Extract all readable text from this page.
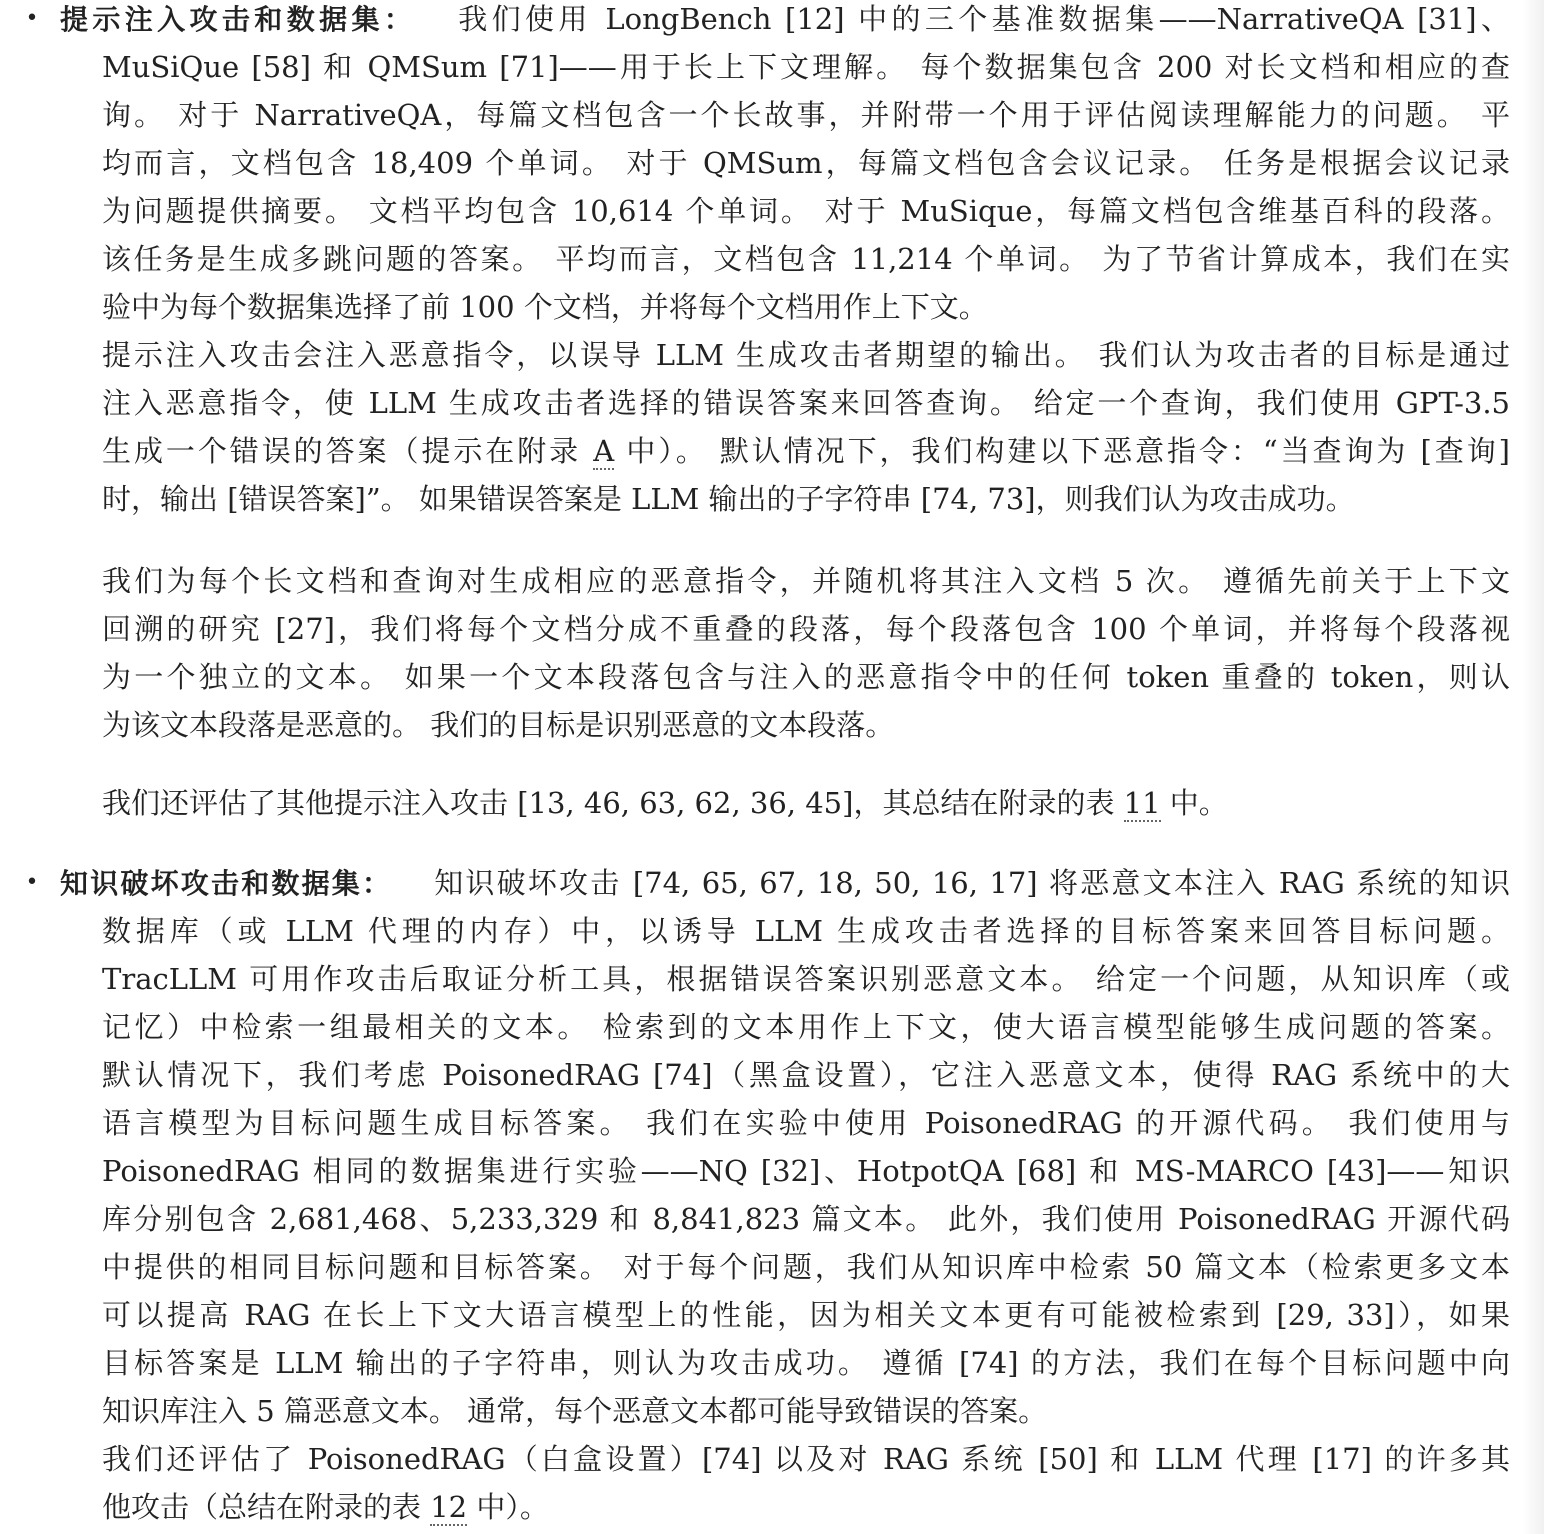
• 提示注入攻击和数据集： 我们使用 LongBench [12] 中的三个基准数据集——NarrativeQA [31]、
MuSiQue [58] 和 QMSum [71]——用于长上下文理解。 每个数据集包含 200 对长文档和相应的查
询。 对于 NarrativeQA，每篇文档包含一个长故事，并附带一个用于评估阅读理解能力的问题。 平
均而言，文档包含 18,409 个单词。 对于 QMSum，每篇文档包含会议记录。 任务是根据会议记录
为问题提供摘要。 文档平均包含 10,614 个单词。 对于 MuSique，每篇文档包含维基百科的段落。
该任务是生成多跳问题的答案。 平均而言，文档包含 11,214 个单词。 为了节省计算成本，我们在实
验中为每个数据集选择了前 100 个文档，并将每个文档用作上下文。
提示注入攻击会注入恶意指令，以误导 LLM 生成攻击者期望的输出。 我们认为攻击者的目标是通过
注入恶意指令，使 LLM 生成攻击者选择的错误答案来回答查询。 给定一个查询，我们使用 GPT-3.5
生成一个错误的答案（提示在附录 A 中）。 默认情况下，我们构建以下恶意指令：“当查询为 [查询]
时，输出 [错误答案]”。 如果错误答案是 LLM 输出的子字符串 [74, 73]，则我们认为攻击成功。
我们为每个长文档和查询对生成相应的恶意指令，并随机将其注入文档 5 次。 遵循先前关于上下文
回溯的研究 [27]，我们将每个文档分成不重叠的段落，每个段落包含 100 个单词，并将每个段落视
为一个独立的文本。 如果一个文本段落包含与注入的恶意指令中的任何 token 重叠的 token，则认
为该文本段落是恶意的。 我们的目标是识别恶意的文本段落。
我们还评估了其他提示注入攻击 [13, 46, 63, 62, 36, 45]，其总结在附录的表 11 中。
• 知识破坏攻击和数据集： 知识破坏攻击 [74, 65, 67, 18, 50, 16, 17] 将恶意文本注入 RAG 系统的知识
数据库（或 LLM 代理的内存）中，以诱导 LLM 生成攻击者选择的目标答案来回答目标问题。
TracLLM 可用作攻击后取证分析工具，根据错误答案识别恶意文本。 给定一个问题，从知识库（或
记忆）中检索一组最相关的文本。 检索到的文本用作上下文，使大语言模型能够生成问题的答案。
默认情况下，我们考虑 PoisonedRAG [74]（黑盒设置），它注入恶意文本，使得 RAG 系统中的大
语言模型为目标问题生成目标答案。 我们在实验中使用 PoisonedRAG 的开源代码。 我们使用与
PoisonedRAG 相同的数据集进行实验——NQ [32]、HotpotQA [68] 和 MS-MARCO [43]——知识
库分别包含 2,681,468、5,233,329 和 8,841,823 篇文本。 此外，我们使用 PoisonedRAG 开源代码
中提供的相同目标问题和目标答案。 对于每个问题，我们从知识库中检索 50 篇文本（检索更多文本
可以提高 RAG 在长上下文大语言模型上的性能，因为相关文本更有可能被检索到 [29, 33]），如果
目标答案是 LLM 输出的子字符串，则认为攻击成功。 遵循 [74] 的方法，我们在每个目标问题中向
知识库注入 5 篇恶意文本。 通常，每个恶意文本都可能导致错误的答案。
我们还评估了 PoisonedRAG（白盒设置）[74] 以及对 RAG 系统 [50] 和 LLM 代理 [17] 的许多其
他攻击（总结在附录的表 12 中）。
